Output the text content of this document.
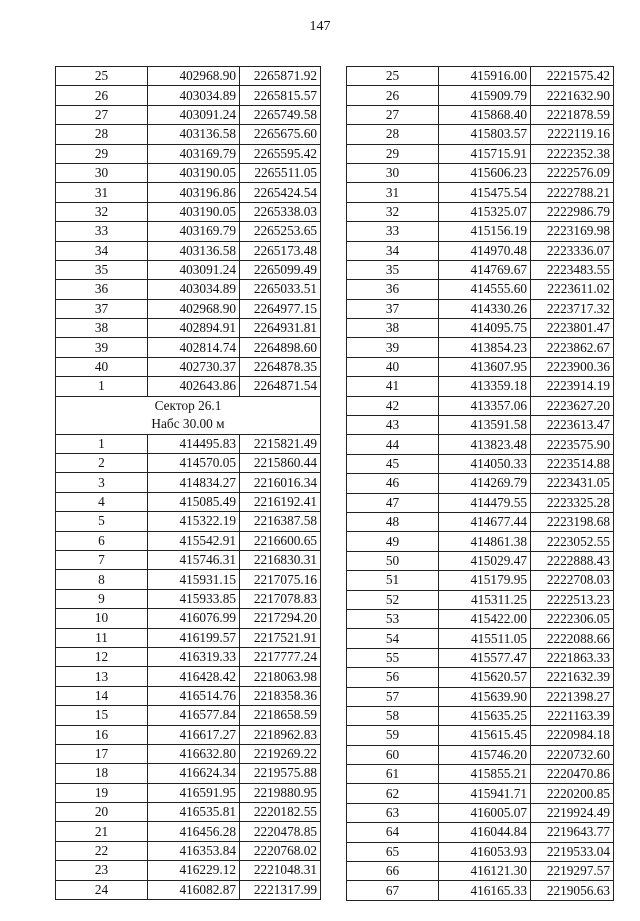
147
25	402968.90	2265871.92
26	403034.89	2265815.57
27	403091.24	2265749.58
28	403136.58	2265675.60
29	403169.79	2265595.42
30	403190.05	2265511.05
31	403196.86	2265424.54
32	403190.05	2265338.03
33	403169.79	2265253.65
34	403136.58	2265173.48
35	403091.24	2265099.49
36	403034.89	2265033.51
37	402968.90	2264977.15
38	402894.91	2264931.81
39	402814.74	2264898.60
40	402730.37	2264878.35
1	402643.86	2264871.54

Сектор 26.1
Набс 30.00 м		

1	414495.83	2215821.49
2	414570.05	2215860.44
3	414834.27	2216016.34
4	415085.49	2216192.41
5	415322.19	2216387.58
6	415542.91	2216600.65
7	415746.31	2216830.31
8	415931.15	2217075.16
9	415933.85	2217078.83
10	416076.99	2217294.20
11	416199.57	2217521.91
12	416319.33	2217777.24
13	416428.42	2218063.98
14	416514.76	2218358.36
15	416577.84	2218658.59
16	416617.27	2218962.83
17	416632.80	2219269.22
18	416624.34	2219575.88
19	416591.95	2219880.95
20	416535.81	2220182.55
21	416456.28	2220478.85
22	416353.84	2220768.02
23	416229.12	2221048.31
24	416082.87	2221317.99
25	415916.00	2221575.42
26	415909.79	2221632.90
27	415868.40	2221878.59
28	415803.57	2222119.16
29	415715.91	2222352.38
30	415606.23	2222576.09
31	415475.54	2222788.21
32	415325.07	2222986.79
33	415156.19	2223169.98
34	414970.48	2223336.07
35	414769.67	2223483.55
36	414555.60	2223611.02
37	414330.26	2223717.32
38	414095.75	2223801.47
39	413854.23	2223862.67
40	413607.95	2223900.36
41	413359.18	2223914.19
42	413357.06	2223627.20
43	413591.58	2223613.47
44	413823.48	2223575.90
45	414050.33	2223514.88
46	414269.79	2223431.05
47	414479.55	2223325.28
48	414677.44	2223198.68
49	414861.38	2223052.55
50	415029.47	2222888.43
51	415179.95	2222708.03
52	415311.25	2222513.23
53	415422.00	2222306.05
54	415511.05	2222088.66
55	415577.47	2221863.33
56	415620.57	2221632.39
57	415639.90	2221398.27
58	415635.25	2221163.39
59	415615.45	2220984.18
60	415746.20	2220732.60
61	415855.21	2220470.86
62	415941.71	2220200.85
63	416005.07	2219924.49
64	416044.84	2219643.77
65	416053.93	2219533.04
66	416121.30	2219297.57
67	416165.33	2219056.63
